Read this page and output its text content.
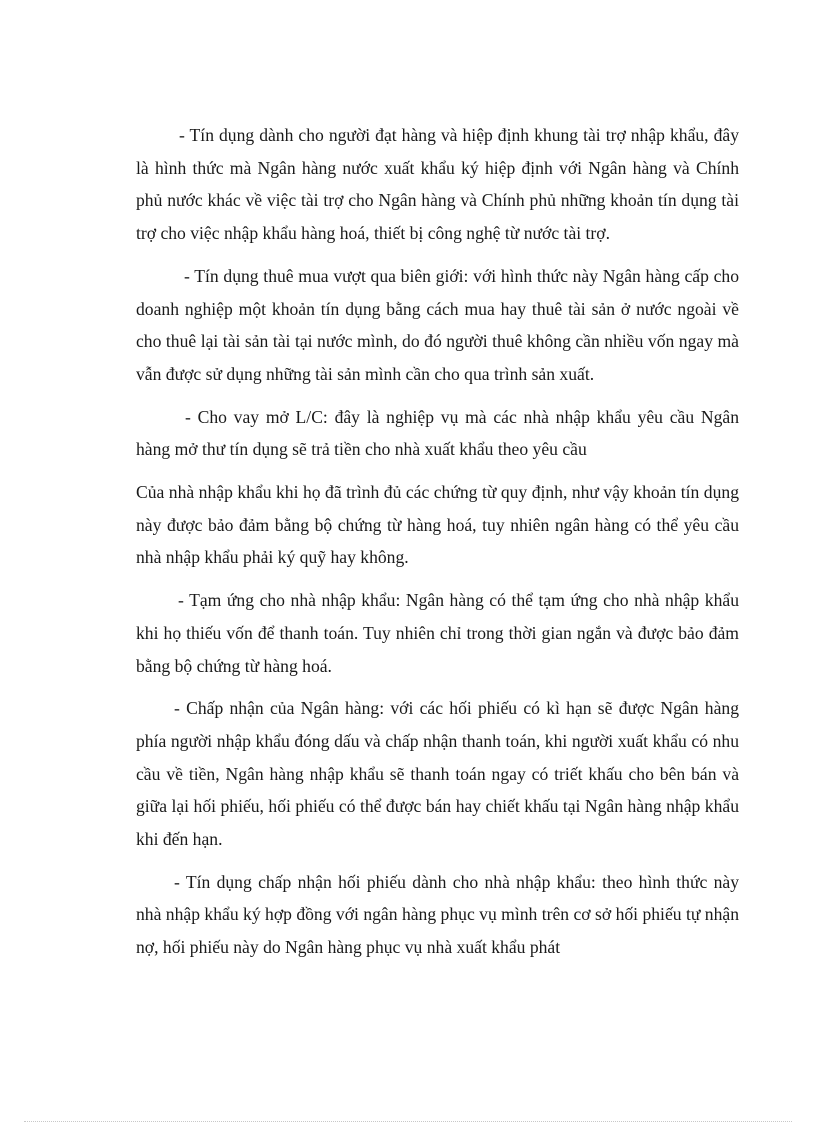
- Tín dụng dành cho người đạt hàng và hiệp định khung tài trợ nhập khẩu, đây là hình thức mà Ngân hàng nước xuất khẩu ký hiệp định với Ngân hàng và Chính phủ nước khác về việc tài trợ cho Ngân hàng và Chính phủ những khoản tín dụng tài trợ cho việc nhập khẩu hàng hoá, thiết bị công nghệ từ nước tài trợ.

- Tín dụng thuê mua vượt qua biên giới: với hình thức này Ngân hàng cấp cho doanh nghiệp một khoản tín dụng bằng cách mua hay thuê tài sản ở nước ngoài về cho thuê lại tài sản tài tại nước mình, do đó người thuê không cần nhiều vốn ngay mà vẫn được sử dụng những tài sản mình cần cho qua trình sản xuất.

- Cho vay mở L/C: đây là nghiệp vụ mà các nhà nhập khẩu yêu cầu Ngân hàng mở thư tín dụng sẽ trả tiền cho nhà xuất khẩu theo yêu cầu

Của nhà nhập khẩu khi họ đã trình đủ các chứng từ quy định, như vậy khoản tín dụng này được bảo đảm bằng bộ chứng từ hàng hoá, tuy nhiên ngân hàng có thể yêu cầu nhà nhập khẩu phải ký quỹ hay không.

- Tạm ứng cho nhà nhập khẩu: Ngân hàng có thể tạm ứng cho nhà nhập khẩu khi họ thiếu vốn để thanh toán. Tuy nhiên chỉ trong thời gian ngắn và được bảo đảm bằng bộ chứng từ hàng hoá.

- Chấp nhận của Ngân hàng: với các hối phiếu có kì hạn sẽ được Ngân hàng phía người nhập khẩu đóng dấu và chấp nhận thanh toán, khi người xuất khẩu có nhu cầu về tiền, Ngân hàng nhập khẩu sẽ thanh toán ngay có triết khấu cho bên bán và giữa lại hối phiếu, hối phiếu có thể được bán hay chiết khấu tại Ngân hàng nhập khẩu khi đến hạn.

- Tín dụng chấp nhận hối phiếu dành cho nhà nhập khẩu: theo hình thức này nhà nhập khẩu ký hợp đồng với ngân hàng phục vụ mình trên cơ sở hối phiếu tự nhận nợ, hối phiếu này do Ngân hàng phục vụ nhà xuất khẩu phát
